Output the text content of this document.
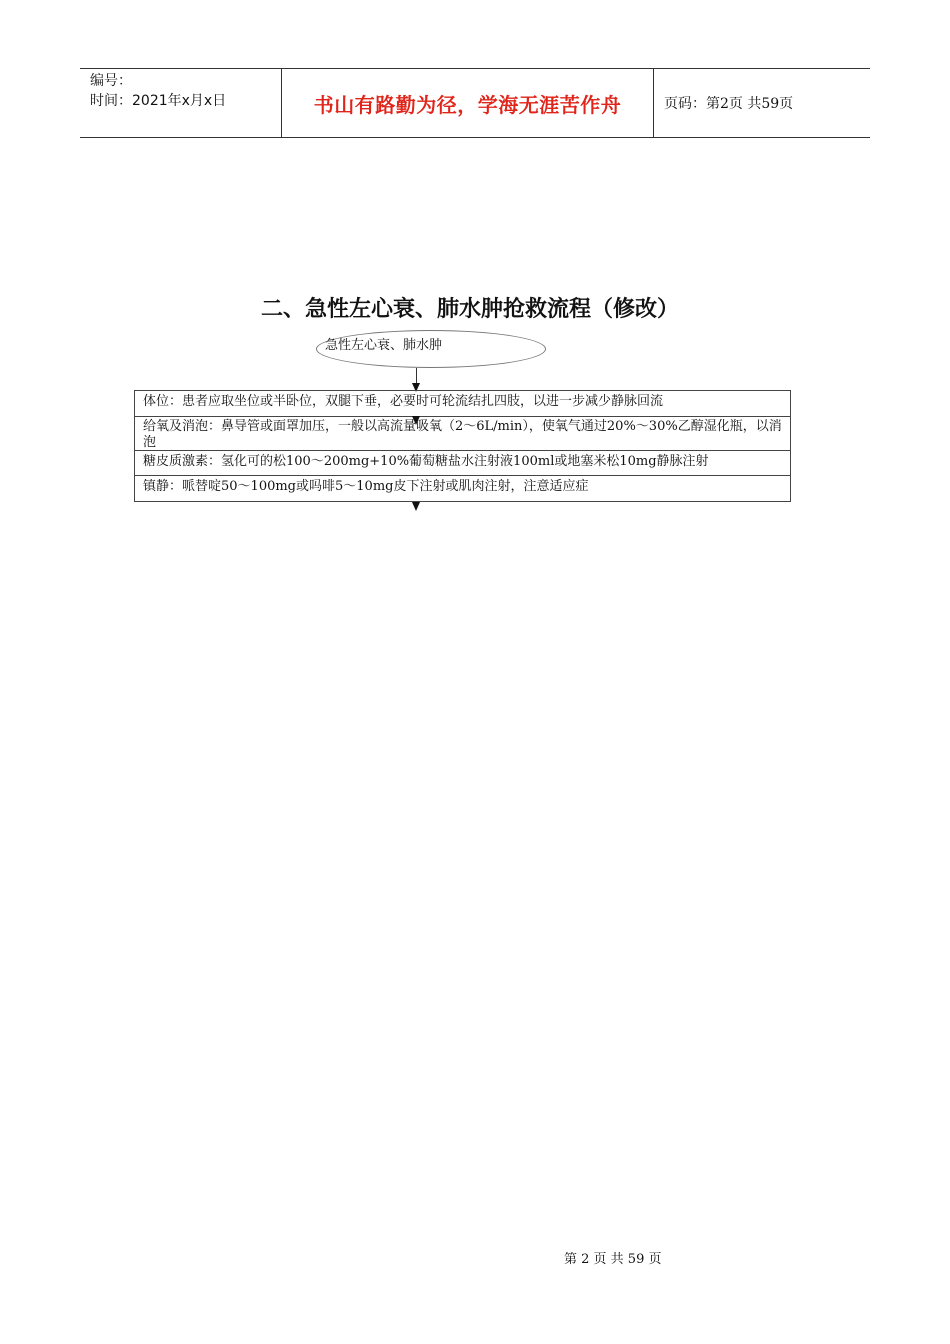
编号：
时间：2021年x月x日	书山有路勤为径，学海无涯苦作舟	页码：第2页 共59页
二、急性左心衰、肺水肿抢救流程（修改）
急性左心衰、肺水肿
体位：患者应取坐位或半卧位，双腿下垂，必要时可轮流结扎四肢，以进一步减少静脉回流
给氧及消泡：鼻导管或面罩加压，一般以高流量吸氧（2～6L/min），使氧气通过20%～30%乙醇湿化瓶，以消泡
糖皮质激素：氢化可的松100～200mg+10%葡萄糖盐水注射液100ml或地塞米松10mg静脉注射
镇静：哌替啶50～100mg或吗啡5～10mg皮下注射或肌肉注射，注意适应症
第 2 页 共 59 页
